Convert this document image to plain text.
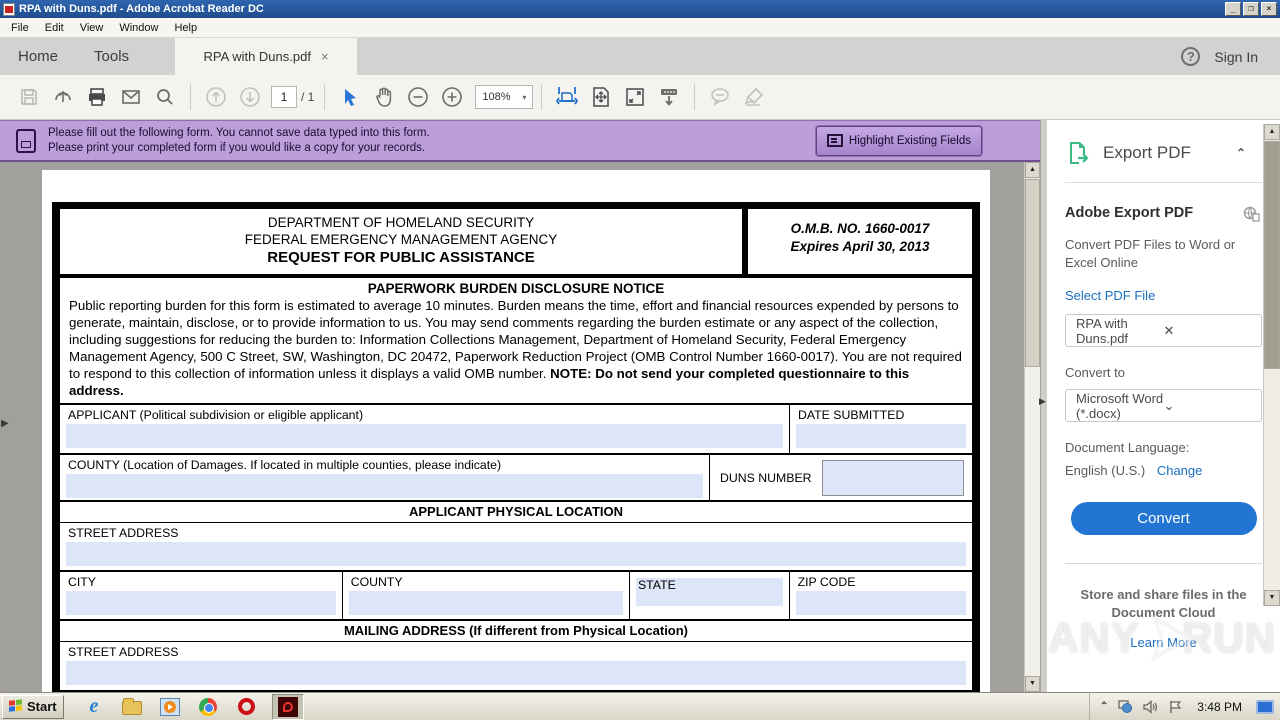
RPA with Duns.pdf - Adobe Acrobat Reader DC	_	❐	×
File	Edit	View	Window	Help
Home	Tools	RPA with Duns.pdf ×	?	Sign In
1
/ 1	108% ▾
Please fill out the following form. You cannot save data typed into this form.
Please print your completed form if you would like a copy for your records.
Highlight Existing Fields
DEPARTMENT OF HOMELAND SECURITY
FEDERAL EMERGENCY MANAGEMENT AGENCY
REQUEST FOR PUBLIC ASSISTANCE
O.M.B. NO. 1660-0017
Expires April 30, 2013
PAPERWORK BURDEN DISCLOSURE NOTICE
Public reporting burden for this form is estimated to average 10 minutes. Burden means the time, effort and financial resources expended by persons to generate, maintain, disclose, or to provide information to us. You may send comments regarding the burden estimate or any aspect of the collection, including suggestions for reducing the burden to: Information Collections Management, Department of Homeland Security, Federal Emergency Management Agency, 500 C Street, SW, Washington, DC 20472, Paperwork Reduction Project (OMB Control Number 1660-0017). You are not required to respond to this collection of information unless it displays a valid OMB number. NOTE: Do not send your completed questionnaire to this address.
APPLICANT (Political subdivision or eligible applicant)	DATE SUBMITTED
COUNTY (Location of Damages. If located in multiple counties, please indicate)
DUNS NUMBER
APPLICANT PHYSICAL LOCATION
STREET ADDRESS
CITY	COUNTY	STATE	ZIP CODE
MAILING ADDRESS (If different from Physical Location)
STREET ADDRESS
▲
▼
▶
▶
Export PDF	⌃
Adobe Export PDF
Convert PDF Files to Word or Excel Online
Select PDF File
RPA with Duns.pdf
✕
Convert to
Microsoft Word (*.docx)
⌄
Document Language:
English (U.S.) Change
Convert
Store and share files in the Document Cloud
Learn More
▲
▼
ANY RUN
Start e	⌃	3:48 PM
